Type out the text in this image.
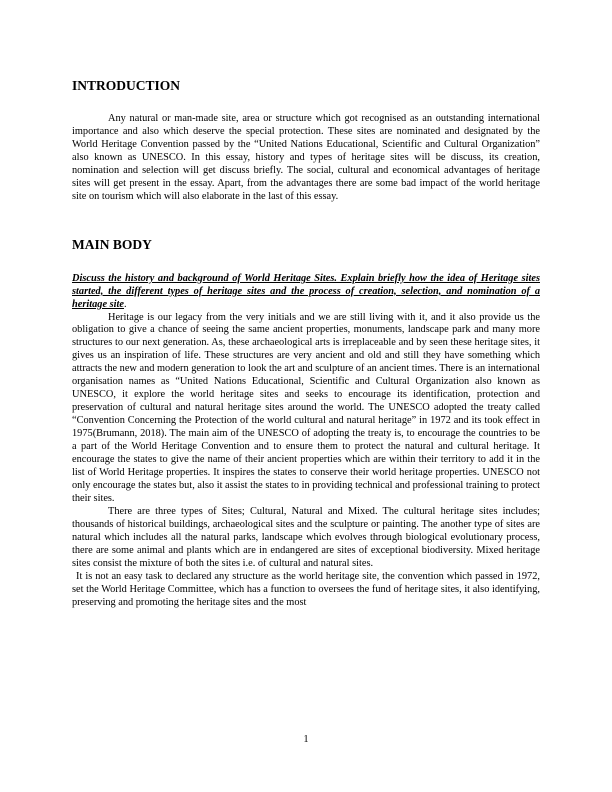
INTRODUCTION

Any natural or man-made site, area or structure which got recognised as an outstanding international importance and also which deserve the special protection. These sites are nominated and designated by the World Heritage Convention passed by the “United Nations Educational, Scientific and Cultural Organization” also known as UNESCO. In this essay, history and types of heritage sites will be discuss, its creation, nomination and selection will get discuss briefly. The social, cultural and economical advantages of heritage sites will get present in the essay. Apart, from the advantages there are some bad impact of the world heritage site on tourism which will also elaborate in the last of this essay.

MAIN BODY

Discuss the history and background of World Heritage Sites. Explain briefly how the idea of Heritage sites started, the different types of heritage sites and the process of creation, selection, and nomination of a heritage site.

Heritage is our legacy from the very initials and we are still living with it, and it also provide us the obligation to give a chance of seeing the same ancient properties, monuments, landscape park and many more structures to our next generation. As, these archaeological arts is irreplaceable and by seen these heritage sites, it gives us an inspiration of life. These structures are very ancient and old and still they have something which attracts the new and modern generation to look the art and sculpture of an ancient times. There is an international organisation names as “United Nations Educational, Scientific and Cultural Organization also known as UNESCO, it explore the world heritage sites and seeks to encourage its identification, protection and preservation of cultural and natural heritage sites around the world. The UNESCO adopted the treaty called “Convention Concerning the Protection of the world cultural and natural heritage” in 1972 and its took effect in 1975(Brumann, 2018). The main aim of the UNESCO of adopting the treaty is, to encourage the countries to be a part of the World Heritage Convention and to ensure them to protect the natural and cultural heritage. It encourage the states to give the name of their ancient properties which are within their territory to add it in the list of World Heritage properties. It inspires the states to conserve their world heritage properties. UNESCO not only encourage the states but, also it assist the states to in providing technical and professional training to protect their sites.

There are three types of Sites; Cultural, Natural and Mixed. The cultural heritage sites includes; thousands of historical buildings, archaeological sites and the sculpture or painting. The another type of sites are natural which includes all the natural parks, landscape which evolves through biological evolutionary process, there are some animal and plants which are in endangered are sites of exceptional biodiversity. Mixed heritage sites consist the mixture of both the sites i.e. of cultural and natural sites.

It is not an easy task to declared any structure as the world heritage site, the convention which passed in 1972, set the World Heritage Committee, which has a function to oversees the fund of heritage sites, it also identifying, preserving and promoting the heritage sites and the most

1
